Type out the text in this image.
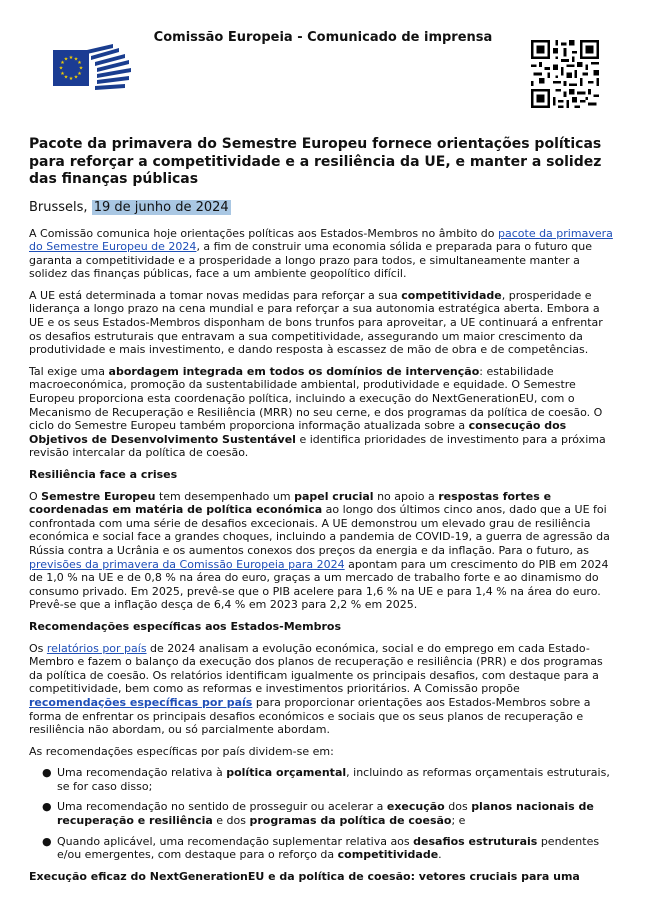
Comissão Europeia - Comunicado de imprensa
★ ★
★
★
★
★
★
★
★
★
★
★
Pacote da primavera do Semestre Europeu fornece orientações políticas para reforçar a competitividade e a resiliência da UE, e manter a solidez das finanças públicas
Brussels, 19 de junho de 2024

A Comissão comunica hoje orientações políticas aos Estados-Membros no âmbito do pacote da primavera do Semestre Europeu de 2024, a fim de construir uma economia sólida e preparada para o futuro que garanta a competitividade e a prosperidade a longo prazo para todos, e simultaneamente manter a solidez das finanças públicas, face a um ambiente geopolítico difícil.

A UE está determinada a tomar novas medidas para reforçar a sua competitividade, prosperidade e liderança a longo prazo na cena mundial e para reforçar a sua autonomia estratégica aberta. Embora a UE e os seus Estados-Membros disponham de bons trunfos para aproveitar, a UE continuará a enfrentar os desafios estruturais que entravam a sua competitividade, assegurando um maior crescimento da produtividade e mais investimento, e dando resposta à escassez de mão de obra e de competências.

Tal exige uma abordagem integrada em todos os domínios de intervenção: estabilidade macroeconómica, promoção da sustentabilidade ambiental, produtividade e equidade. O Semestre Europeu proporciona esta coordenação política, incluindo a execução do NextGenerationEU, com o Mecanismo de Recuperação e Resiliência (MRR) no seu cerne, e dos programas da política de coesão. O ciclo do Semestre Europeu também proporciona informação atualizada sobre a consecução dos Objetivos de Desenvolvimento Sustentável e identifica prioridades de investimento para a próxima revisão intercalar da política de coesão.

Resiliência face a crises

O Semestre Europeu tem desempenhado um papel crucial no apoio a respostas fortes e coordenadas em matéria de política económica ao longo dos últimos cinco anos, dado que a UE foi confrontada com uma série de desafios excecionais. A UE demonstrou um elevado grau de resiliência económica e social face a grandes choques, incluindo a pandemia de COVID-19, a guerra de agressão da Rússia contra a Ucrânia e os aumentos conexos dos preços da energia e da inflação. Para o futuro, as previsões da primavera da Comissão Europeia para 2024 apontam para um crescimento do PIB em 2024 de 1,0 % na UE e de 0,8 % na área do euro, graças a um mercado de trabalho forte e ao dinamismo do consumo privado. Em 2025, prevê-se que o PIB acelere para 1,6 % na UE e para 1,4 % na área do euro. Prevê-se que a inflação desça de 6,4 % em 2023 para 2,2 % em 2025.

Recomendações específicas aos Estados-Membros

Os relatórios por país de 2024 analisam a evolução económica, social e do emprego em cada Estado-Membro e fazem o balanço da execução dos planos de recuperação e resiliência (PRR) e dos programas da política de coesão. Os relatórios identificam igualmente os principais desafios, com destaque para a competitividade, bem como as reformas e investimentos prioritários. A Comissão propõe recomendações específicas por país para proporcionar orientações aos Estados-Membros sobre a forma de enfrentar os principais desafios económicos e sociais que os seus planos de recuperação e resiliência não abordam, ou só parcialmente abordam.

As recomendações específicas por país dividem-se em:

● Uma recomendação relativa à política orçamental, incluindo as reformas orçamentais estruturais, se for caso disso;
● Uma recomendação no sentido de prosseguir ou acelerar a execução dos planos nacionais de recuperação e resiliência e dos programas da política de coesão; e
● Quando aplicável, uma recomendação suplementar relativa aos desafios estruturais pendentes e/ou emergentes, com destaque para o reforço da competitividade.
Execução eficaz do NextGenerationEU e da política de coesão: vetores cruciais para uma
